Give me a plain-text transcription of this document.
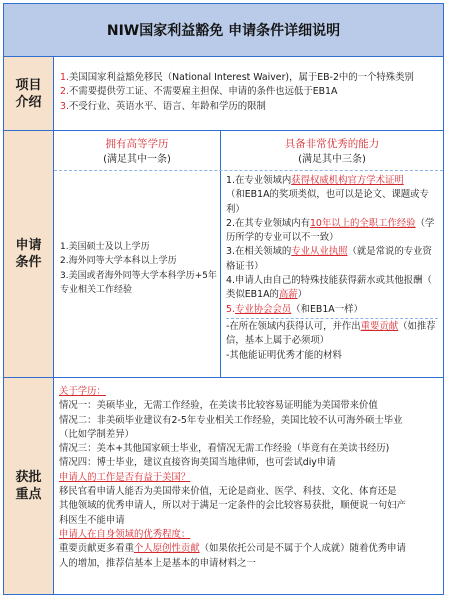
NIW国家利益豁免 申请条件详细说明
项目
介绍
1.美国国家利益豁免移民（National Interest Waiver)，属于EB-2中的一个特殊类别
2.不需要提供劳工证、不需要雇主担保、申请的条件也远低于EB1A
3.不受行业、英语水平、语言、年龄和学历的限制
申请
条件
拥有高等学历
(满足其中一条)
具备非常优秀的能力
(满足其中三条)
1.美国硕士及以上学历
2.海外同等大学本科以上学历
3.美国或者海外同等大学本科学历+5年
专业相关工作经验
1.在专业领域内获得权威机构官方学术证明
（和EB1A的奖项类似，也可以是论文、课题或专
利）
2.在其专业领域内有10年以上的全职工作经验（学
历所学的专业可以不一致）
3.在相关领域的专业从业执照（就是常说的专业资
格证书）
4.申请人由自己的特殊技能获得薪水或其他报酬（
类似EB1A的高薪）
5.专业协会会员（和EB1A一样）
-在所在领域内获得认可，并作出重要贡献（如推荐
信，基本上属于必须项）
-其他能证明优秀才能的材料
获批
重点
关于学历：
情况一：美硕毕业，无需工作经验，在美读书比较容易证明能为美国带来价值
情况二：非美硕毕业建议有2-5年专业相关工作经验，美国比较不认可海外硕士毕业
（比如学制差异）
情况三：美本+其他国家硕士毕业，看情况无需工作经验（毕竟有在美读书经历)
情况四：博士毕业，建议直接咨询美国当地律师，也可尝试diy申请
申请人的工作是否有益于美国？
移民官看申请人能否为美国带来价值，无论是商业、医学、科技、文化、体育还是
其他领域的优秀申请人，所以对于满足一定条件的会比较容易获批，顺便说一句妇产
科医生不能申请
申请人在自身领域的优秀程度：
重要贡献更多看重个人原创性贡献（如果依托公司是不属于个人成就）随着优秀申请
人的增加，推荐信基本上是基本的申请材料之一
